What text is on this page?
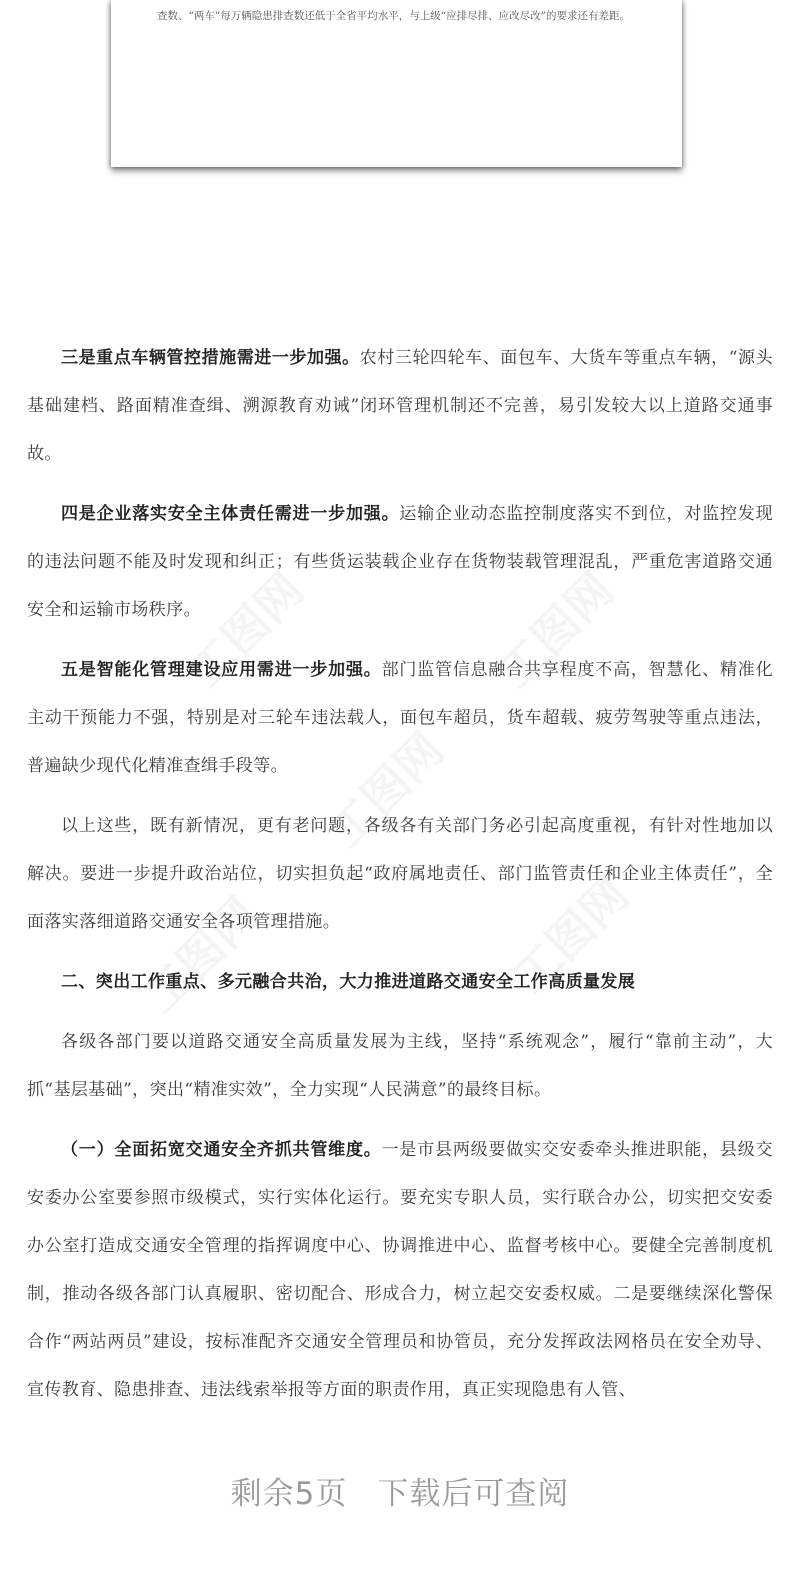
查数、“两车”每万辆隐患排查数还低于全省平均水平，与上级“应排尽排、应改尽改”的要求还有差距。

三是重点车辆管控措施需进一步加强。农村三轮四轮车、面包车、大货车等重点车辆，“源头基础建档、路面精准查缉、溯源教育劝诫”闭环管理机制还不完善，易引发较大以上道路交通事故。

四是企业落实安全主体责任需进一步加强。运输企业动态监控制度落实不到位，对监控发现的违法问题不能及时发现和纠正；有些货运装载企业存在货物装载管理混乱，严重危害道路交通安全和运输市场秩序。

五是智能化管理建设应用需进一步加强。部门监管信息融合共享程度不高，智慧化、精准化主动干预能力不强，特别是对三轮车违法载人，面包车超员，货车超载、疲劳驾驶等重点违法，普遍缺少现代化精准查缉手段等。

以上这些，既有新情况，更有老问题，各级各有关部门务必引起高度重视，有针对性地加以解决。要进一步提升政治站位，切实担负起“政府属地责任、部门监管责任和企业主体责任”，全面落实落细道路交通安全各项管理措施。

二、突出工作重点、多元融合共治，大力推进道路交通安全工作高质量发展

各级各部门要以道路交通安全高质量发展为主线，坚持“系统观念”，履行“靠前主动”，大抓“基层基础”，突出“精准实效”，全力实现“人民满意”的最终目标。

（一）全面拓宽交通安全齐抓共管维度。一是市县两级要做实交安委牵头推进职能，县级交安委办公室要参照市级模式，实行实体化运行。要充实专职人员，实行联合办公，切实把交安委办公室打造成交通安全管理的指挥调度中心、协调推进中心、监督考核中心。要健全完善制度机制，推动各级各部门认真履职、密切配合、形成合力，树立起交安委权威。二是要继续深化警保合作“两站两员”建设，按标准配齐交通安全管理员和协管员，充分发挥政法网格员在安全劝导、宣传教育、隐患排查、违法线索举报等方面的职责作用，真正实现隐患有人管、

剩余5页 下载后可查阅
